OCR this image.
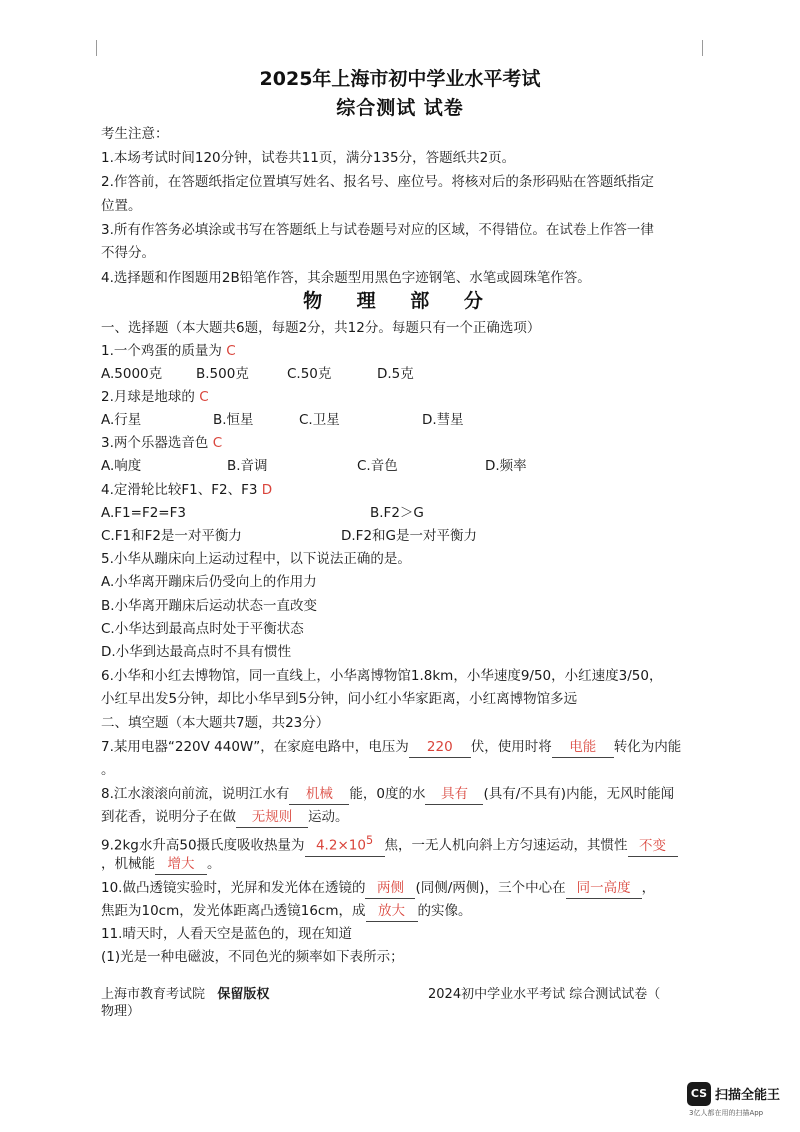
2025年上海市初中学业水平考试
综合测试 试卷
考生注意：
1.本场考试时间120分钟，试卷共11页，满分135分，答题纸共2页。
2.作答前，在答题纸指定位置填写姓名、报名号、座位号。将核对后的条形码贴在答题纸指定
位置。
3.所有作答务必填涂或书写在答题纸上与试卷题号对应的区域，不得错位。在试卷上作答一律
不得分。
4.选择题和作图题用2B铅笔作答，其余题型用黑色字迹钢笔、水笔或圆珠笔作答。
物 理 部 分
一、选择题（本大题共6题，每题2分，共12分。每题只有一个正确选项）
1.一个鸡蛋的质量为 C
A.5000克	B.500克	C.50克	D.5克
2.月球是地球的 C
A.行星	B.恒星	C.卫星	D.彗星
3.两个乐器选音色 C
A.响度	B.音调	C.音色	D.频率
4.定滑轮比较F1、F2、F3 D
A.F1=F2=F3	B.F2＞G
C.F1和F2是一对平衡力	D.F2和G是一对平衡力
5.小华从蹦床向上运动过程中，以下说法正确的是。
A.小华离开蹦床后仍受向上的作用力
B.小华离开蹦床后运动状态一直改变
C.小华达到最高点时处于平衡状态
D.小华到达最高点时不具有惯性
6.小华和小红去博物馆，同一直线上，小华离博物馆1.8km，小华速度9/50，小红速度3/50，
小红早出发5分钟，却比小华早到5分钟，问小红小华家距离，小红离博物馆多远
二、填空题（本大题共7题，共23分）
7.某用电器“220V 440W”，在家庭电路中，电压为 220 伏，使用时将 电能 转化为内能
。
8.江水滚滚向前流，说明江水有 机械 能，0度的水 具有 (具有/不具有)内能，无风时能闻
到花香，说明分子在做 无规则 运动。
9.2kg水升高50摄氏度吸收热量为 $4.2\times 10^5$ 焦，一无人机向斜上方匀速运动，其惯性 不变
，机械能 增大 。
10.做凸透镜实验时，光屏和发光体在透镜的 两侧 (同侧/两侧)，三个中心在 同一高度 ，
焦距为10cm，发光体距离凸透镜16cm，成 放大 的实像。
11.晴天时，人看天空是蓝色的，现在知道
(1)光是一种电磁波，不同色光的频率如下表所示；
上海市教育考试院 保留版权	2024初中学业水平考试 综合测试试卷（
物理）
CS 扫描全能王
3亿人都在用的扫描App
